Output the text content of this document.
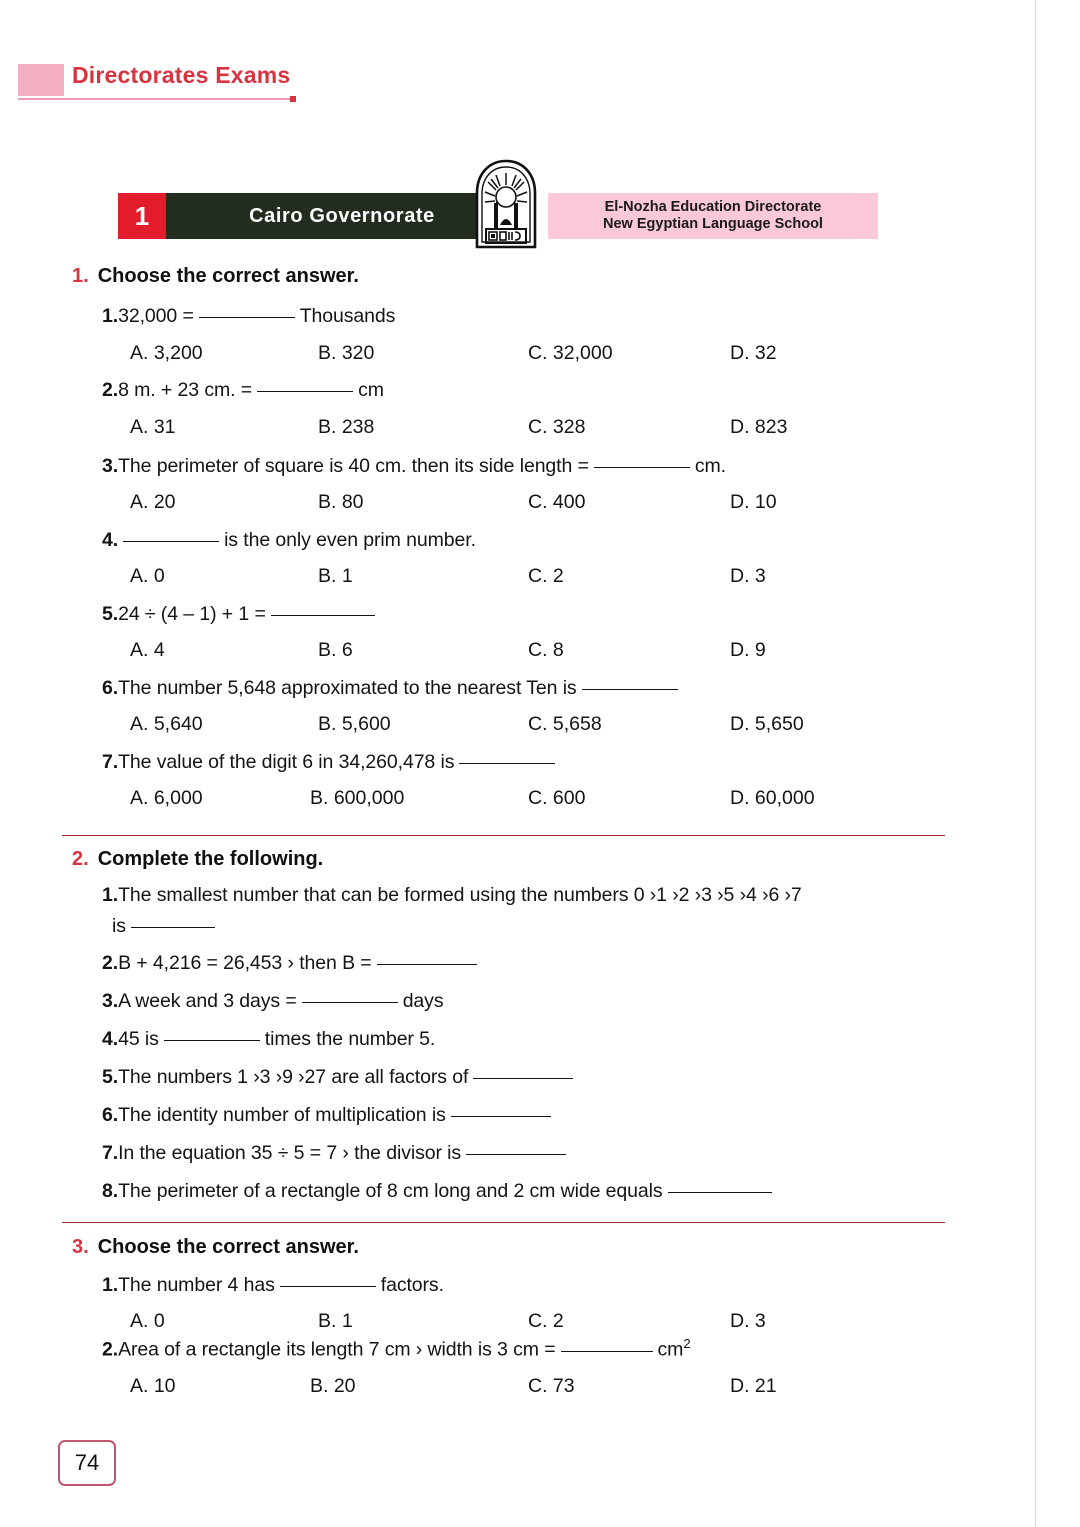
Directorates Exams
1	Cairo Governorate	El-Nozha Education Directorate
New Egyptian Language School
1. Choose the correct answer.
1.32,000 =	Thousands
A. 3,200	B. 320	C. 32,000	D. 32
2.8 m. + 23 cm. =	cm
A. 31	B. 238	C. 328	D. 823
3.The perimeter of square is 40 cm. then its side length =	cm.
A. 20	B. 80	C. 400	D. 10
4.	is the only even prim number.
A. 0	B. 1	C. 2	D. 3
5.24 ÷ (4 – 1) + 1 =
A. 4	B. 6	C. 8	D. 9
6.The number 5,648 approximated to the nearest Ten is
A. 5,640	B. 5,600	C. 5,658	D. 5,650
7.The value of the digit 6 in 34,260,478 is
A. 6,000	B. 600,000	C. 600	D. 60,000
2. Complete the following.
1.The smallest number that can be formed using the numbers 0 ›1 ›2 ›3 ›5 ›4 ›6 ›7
is
2.B + 4,216 = 26,453 › then B =
3.A week and 3 days =	days
4.45 is	times the number 5.
5.The numbers 1 ›3 ›9 ›27 are all factors of
6.The identity number of multiplication is
7.In the equation 35 ÷ 5 = 7 › the divisor is
8.The perimeter of a rectangle of 8 cm long and 2 cm wide equals
3. Choose the correct answer.
1.The number 4 has	factors.
A. 0	B. 1	C. 2	D. 3
2.Area of a rectangle its length 7 cm › width is 3 cm =	$cm^2$
A. 10	B. 20	C. 73	D. 21
74
